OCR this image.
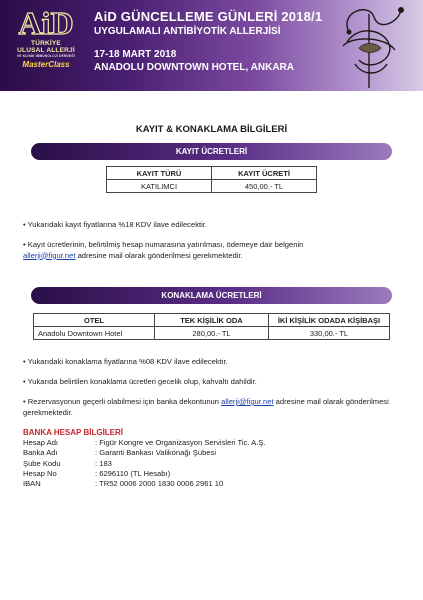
AiD
TÜRKİYE
ULUSAL ALLERJİ
VE KLİNİK İMMÜNOLOJİ DERNEĞİ
MasterClass
AiD GÜNCELLEME GÜNLERİ 2018/1
UYGULAMALI ANTİBİYOTİK ALLERJİSİ
17-18 MART 2018
ANADOLU DOWNTOWN HOTEL, ANKARA
KAYIT & KONAKLAMA BİLGİLERİ
KAYIT ÜCRETLERİ
KAYIT TÜRÜ	KAYIT ÜCRETİ
KATILIMCI	450,00.- TL
• Yukarıdaki kayıt fiyatlarına %18 KDV ilave edilecektir.
• Kayıt ücretlerinin, belirtilmiş hesap numarasına yatırılması, ödemeye dair belgenin
allerji@figur.net adresine mail olarak gönderilmesi gerekmektedir.
KONAKLAMA ÜCRETLERİ
OTEL	TEK KİŞİLİK ODA	İKİ KİŞİLİK ODADA KİŞİBAŞI
Anadolu Downtown Hotel	280,00.- TL	330,00.- TL
• Yukarıdaki konaklama fiyatlarına %08 KDV ilave edilecektir.
• Yukarıda belirtilen konaklama ücretleri gecelik olup, kahvaltı dahildir.
• Rezervasyonun geçerli olabilmesi için banka dekontunun allerji@figur.net adresine mail olarak gönderilmesi gerekmektedir.
BANKA HESAP BİLGİLERİ
Hesap Adı	: Figür Kongre ve Organizasyon Servisleri Tic. A.Ş.
Banka Adı	: Garanti Bankası Valikonağı Şubesi
Şube Kodu	: 183
Hesap No	: 6296110 (TL Hesabı)
IBAN	: TR52 0006 2000 1830 0006 2961 10
